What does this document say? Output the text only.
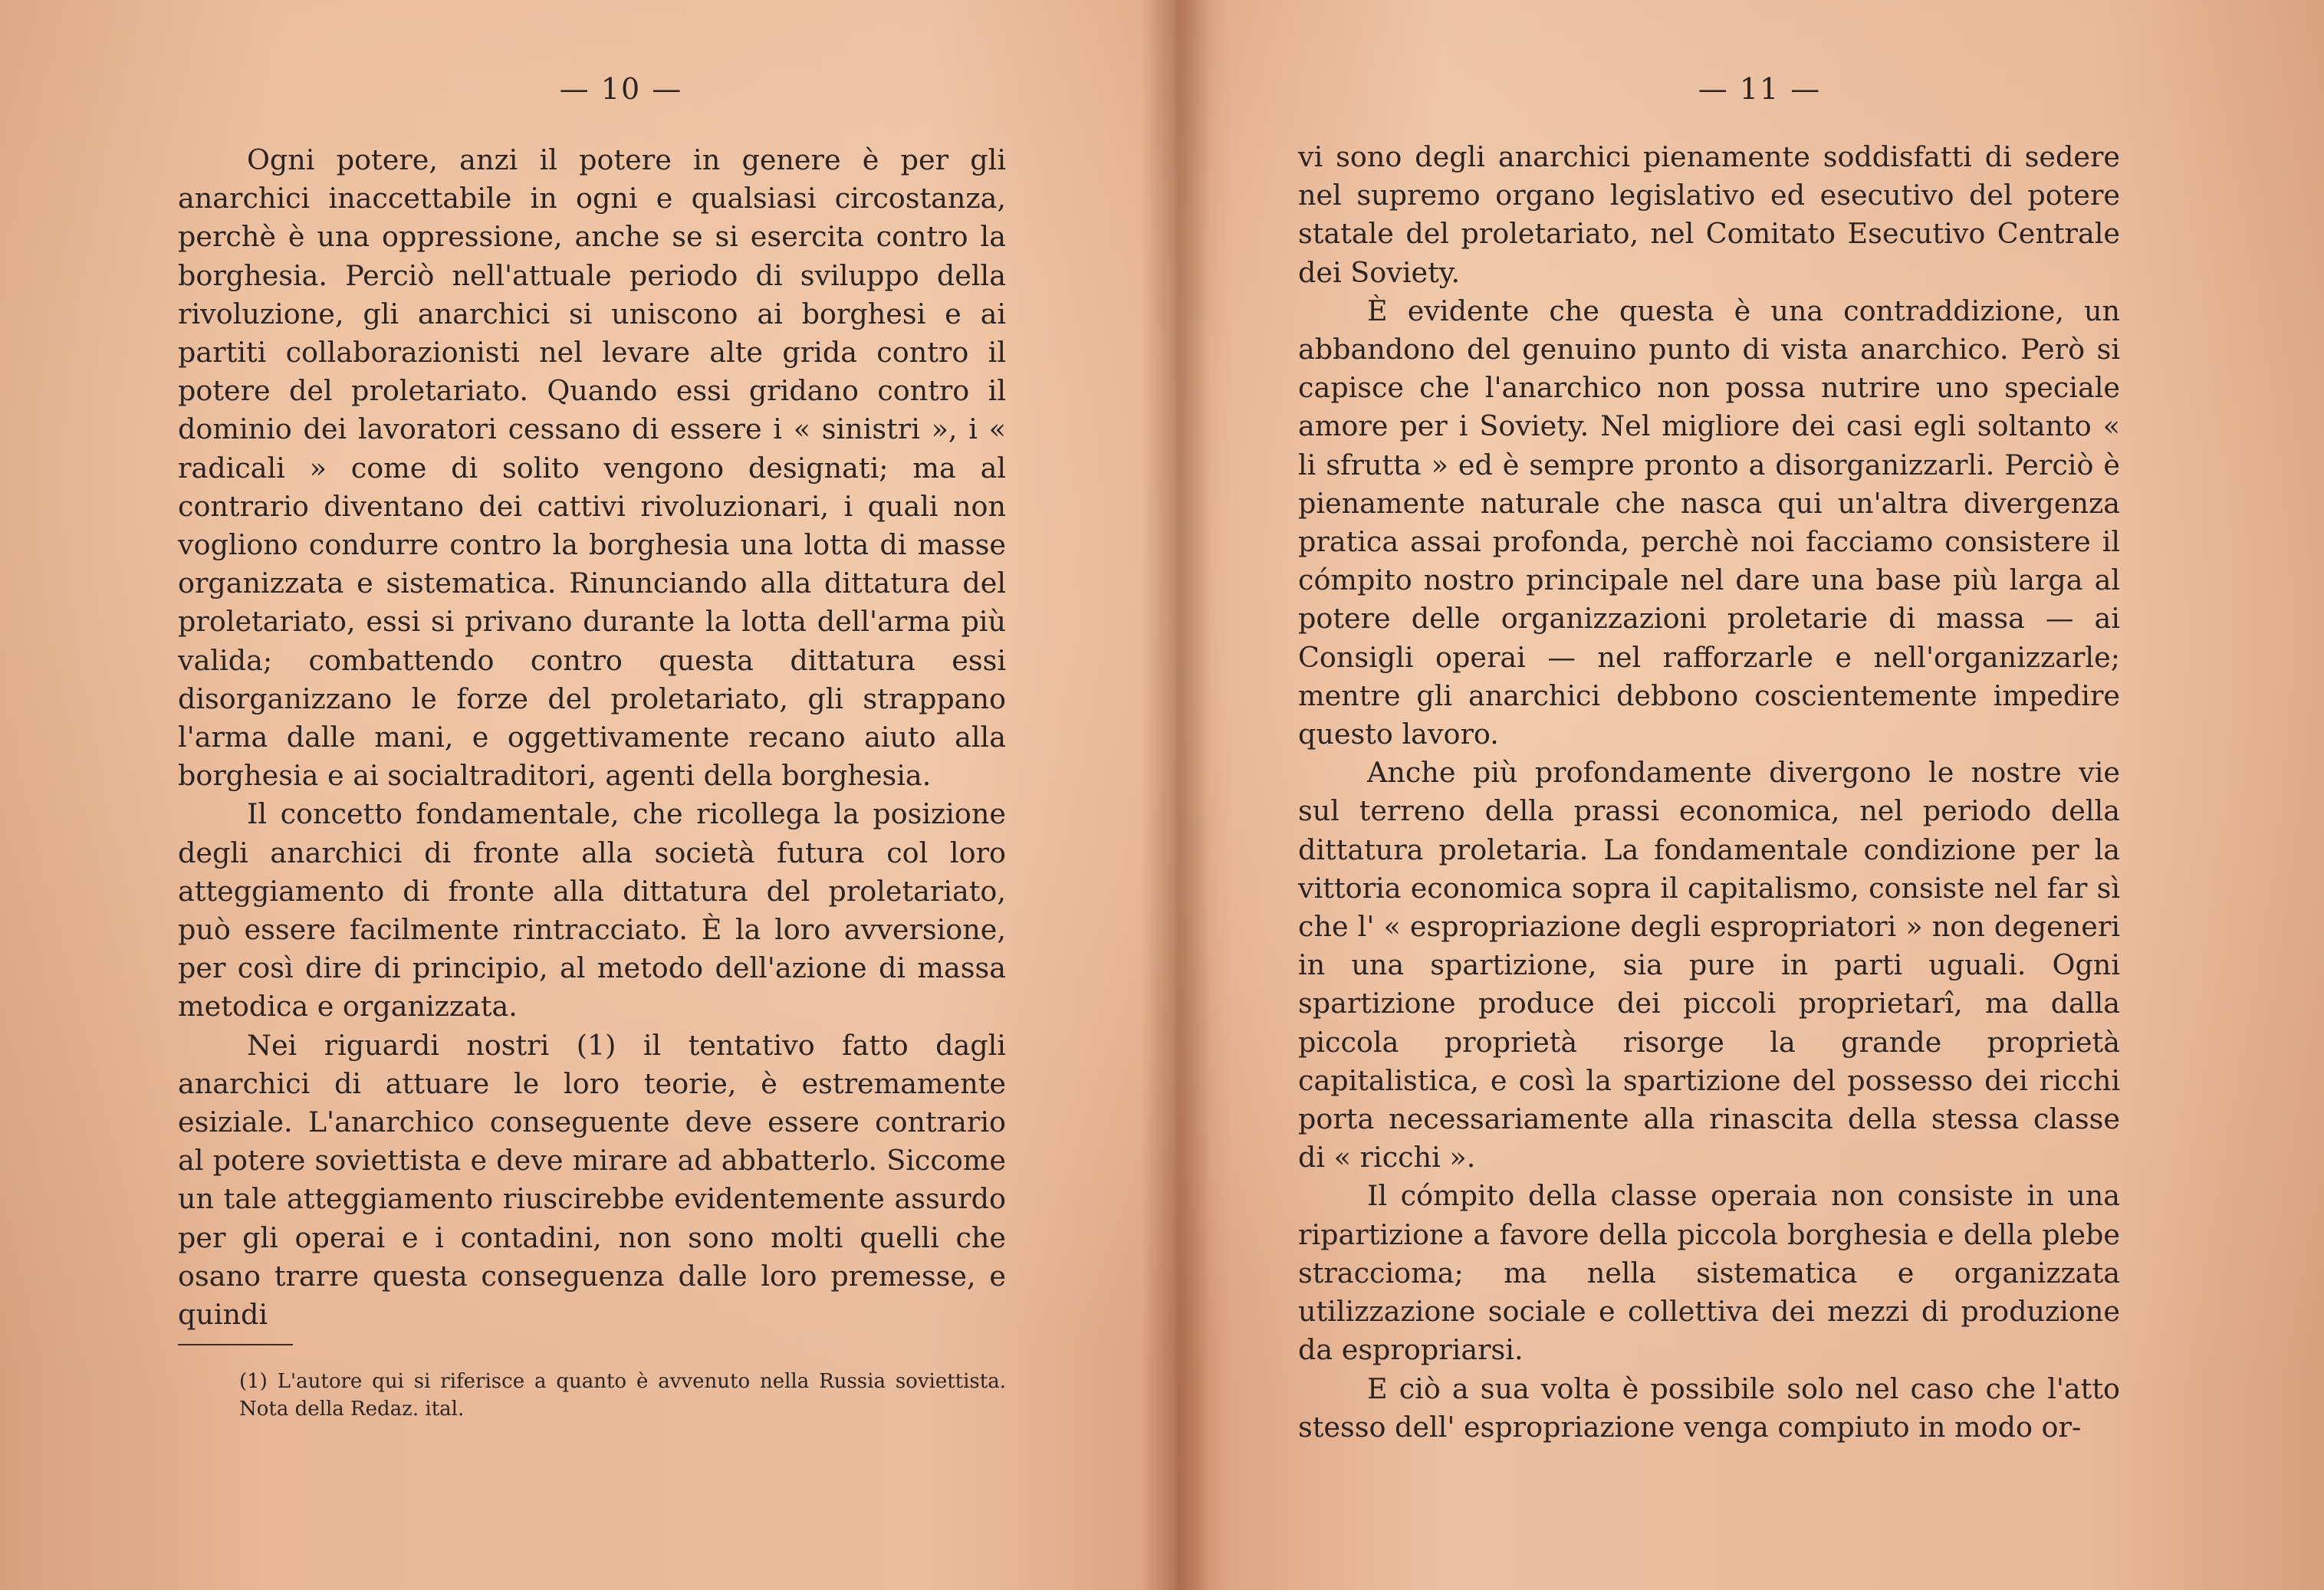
— 10 —

Ogni potere, anzi il potere in genere è per gli anarchici inaccettabile in ogni e qualsiasi circostanza, perchè è una oppressione, anche se si esercita contro la borghesia. Perciò nell'attuale periodo di sviluppo della rivoluzione, gli anarchici si uniscono ai borghesi e ai partiti collaborazionisti nel levare alte grida contro il potere del proletariato. Quando essi gridano contro il dominio dei lavoratori cessano di essere i « sinistri », i « radicali » come di solito vengono designati; ma al contrario diventano dei cattivi rivoluzionari, i quali non vogliono condurre contro la borghesia una lotta di masse organizzata e sistematica. Rinunciando alla dittatura del proletariato, essi si privano durante la lotta dell'arma più valida; combattendo contro questa dittatura essi disorganizzano le forze del proletariato, gli strappano l'arma dalle mani, e oggettivamente recano aiuto alla borghesia e ai socialtraditori, agenti della borghesia.

Il concetto fondamentale, che ricollega la posizione degli anarchici di fronte alla società futura col loro atteggiamento di fronte alla dittatura del proletariato, può essere facilmente rintracciato. È la loro avversione, per così dire di principio, al metodo dell'azione di massa metodica e organizzata.

Nei riguardi nostri (1) il tentativo fatto dagli anarchici di attuare le loro teorie, è estremamente esiziale. L'anarchico conseguente deve essere contrario al potere soviettista e deve mirare ad abbatterlo. Siccome un tale atteggiamento riuscirebbe evidentemente assurdo per gli operai e i contadini, non sono molti quelli che osano trarre questa conseguenza dalle loro premesse, e quindi

(1) L'autore qui si riferisce a quanto è avvenuto nella Russia soviettista. Nota della Redaz. ital.
— 11 —

vi sono degli anarchici pienamente soddisfatti di sedere nel supremo organo legislativo ed esecutivo del potere statale del proletariato, nel Comitato Esecutivo Centrale dei Soviety.

È evidente che questa è una contraddizione, un abbandono del genuino punto di vista anarchico. Però si capisce che l'anarchico non possa nutrire uno speciale amore per i Soviety. Nel migliore dei casi egli soltanto « li sfrutta » ed è sempre pronto a disorganizzarli. Perciò è pienamente naturale che nasca qui un'altra divergenza pratica assai profonda, perchè noi facciamo consistere il cómpito nostro principale nel dare una base più larga al potere delle organizzazioni proletarie di massa — ai Consigli operai — nel rafforzarle e nell'organizzarle; mentre gli anarchici debbono coscientemente impedire questo lavoro.

Anche più profondamente divergono le nostre vie sul terreno della prassi economica, nel periodo della dittatura proletaria. La fondamentale condizione per la vittoria economica sopra il capitalismo, consiste nel far sì che l' « espropriazione degli espropriatori » non degeneri in una spartizione, sia pure in parti uguali. Ogni spartizione produce dei piccoli proprietarî, ma dalla piccola proprietà risorge la grande proprietà capitalistica, e così la spartizione del possesso dei ricchi porta necessariamente alla rinascita della stessa classe di « ricchi ».

Il cómpito della classe operaia non consiste in una ripartizione a favore della piccola borghesia e della plebe straccioma; ma nella sistematica e organizzata utilizzazione sociale e collettiva dei mezzi di produzione da espropriarsi.

E ciò a sua volta è possibile solo nel caso che l'atto stesso dell' espropriazione venga compiuto in modo or-
